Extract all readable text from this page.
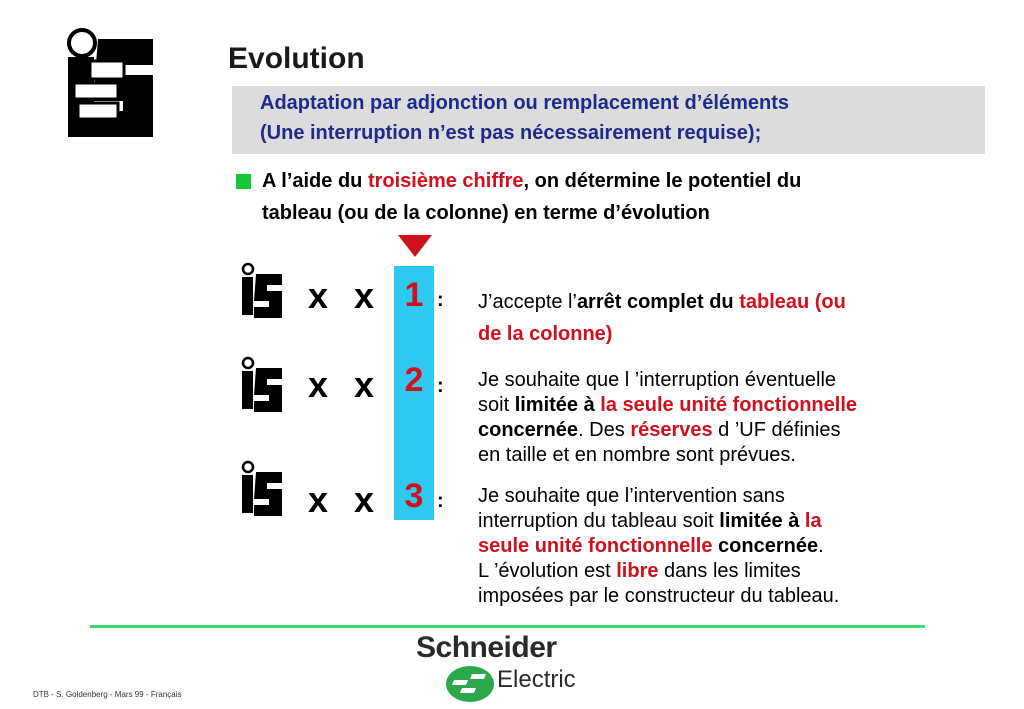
Evolution
Adaptation par adjonction ou remplacement d’éléments
(Une interruption n’est pas nécessairement requise);
A l’aide du troisième chiffre, on détermine le potentiel du
tableau (ou de la colonne) en terme d’évolution
x x
x x
x x
1
2
3
:
:
:
J’accepte l’arrêt complet du tableau (ou
de la colonne)
Je souhaite que l ’interruption éventuelle
soit limitée à la seule unité fonctionnelle
concernée. Des réserves d ’UF définies
en taille et en nombre sont prévues.
Je souhaite que l’intervention sans
interruption du tableau soit limitée à la
seule unité fonctionnelle concernée.
L ’évolution est libre dans les limites
imposées par le constructeur du tableau.
DTB - S. Goldenberg - Mars 99 - Français
Schneider
Electric
